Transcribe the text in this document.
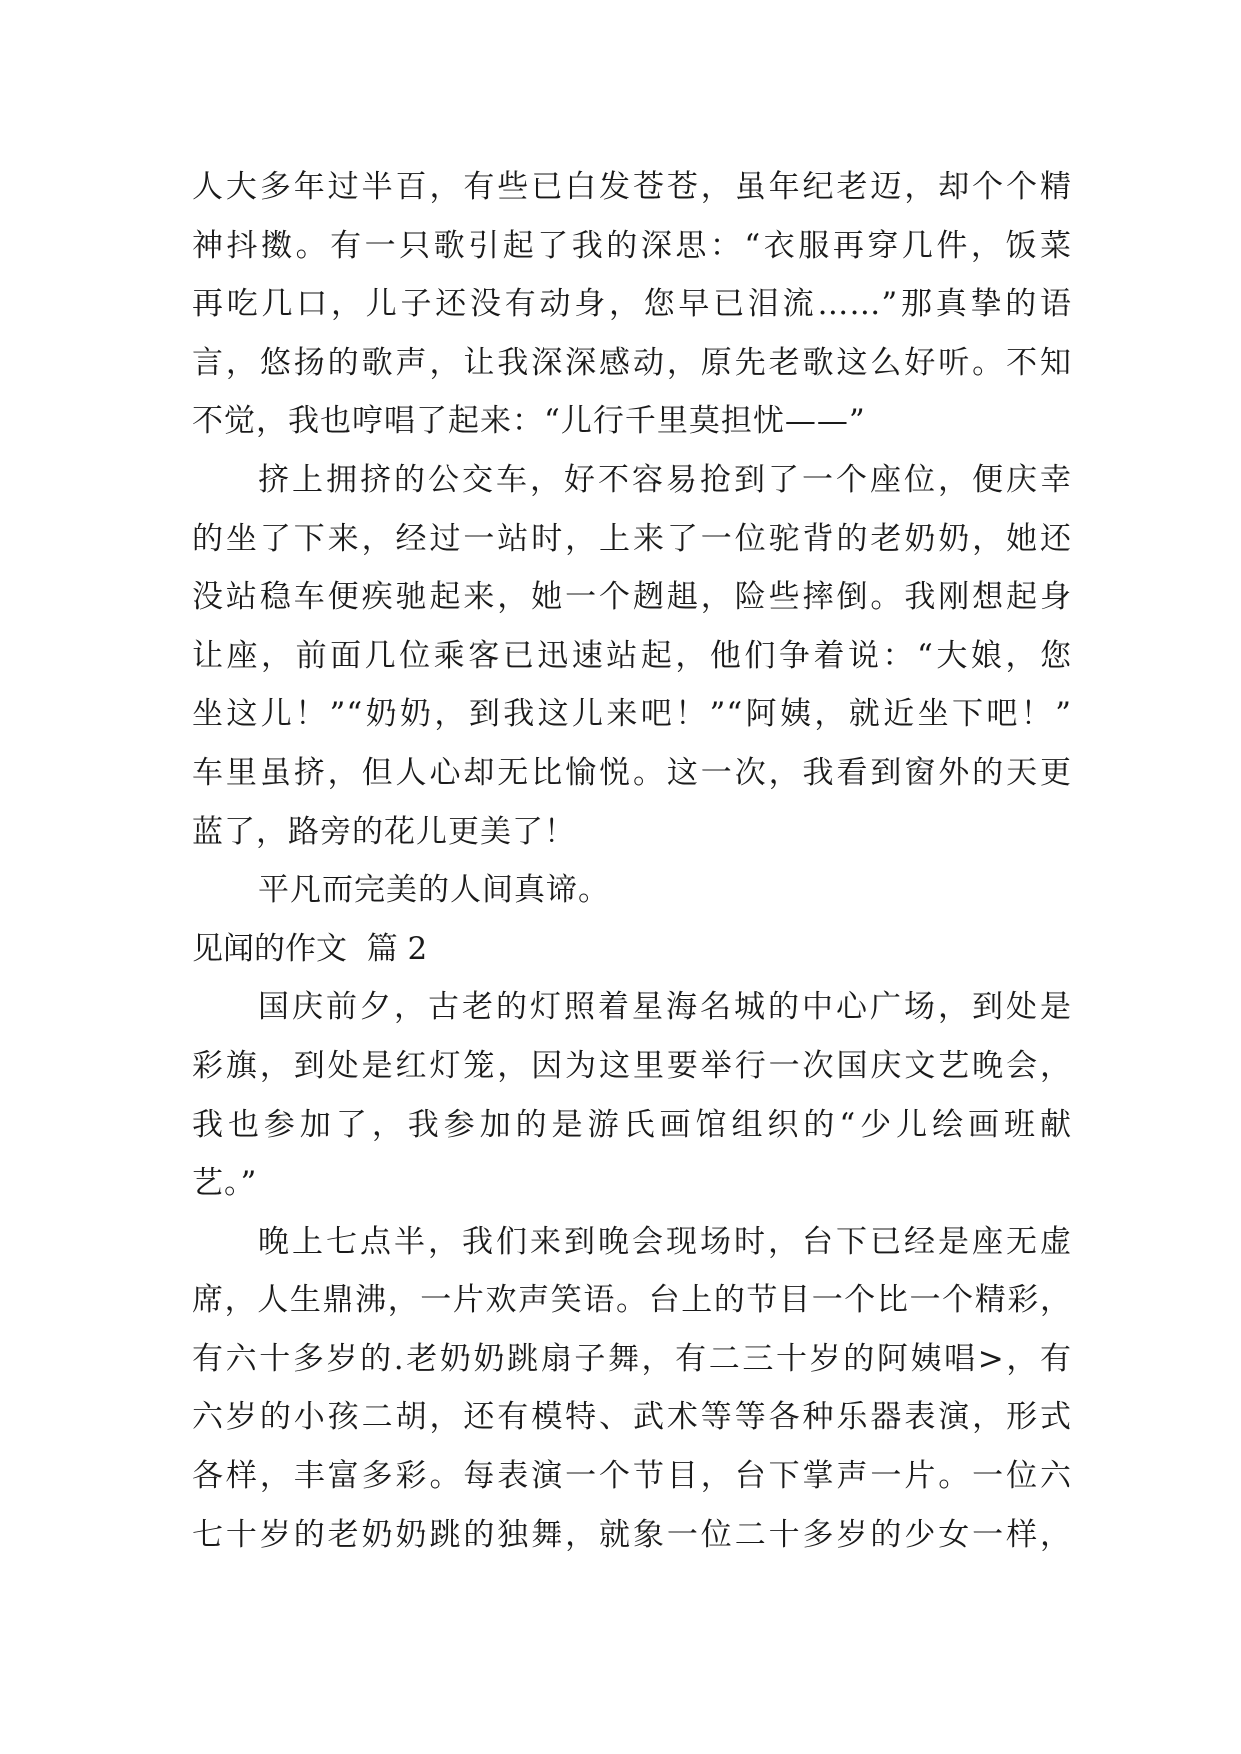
人大多年过半百，有些已白发苍苍，虽年纪老迈，却个个精
神抖擞。有一只歌引起了我的深思：“衣服再穿几件，饭菜
再吃几口，儿子还没有动身，您早已泪流……”那真挚的语
言，悠扬的歌声，让我深深感动，原先老歌这么好听。不知
不觉，我也哼唱了起来：“儿行千里莫担忧——”
挤上拥挤的公交车，好不容易抢到了一个座位，便庆幸
的坐了下来，经过一站时，上来了一位驼背的老奶奶，她还
没站稳车便疾驰起来，她一个趔趄，险些摔倒。我刚想起身
让座，前面几位乘客已迅速站起，他们争着说：“大娘，您
坐这儿！”“奶奶，到我这儿来吧！”“阿姨，就近坐下吧！”
车里虽挤，但人心却无比愉悦。这一次，我看到窗外的天更
蓝了，路旁的花儿更美了！
平凡而完美的人间真谛。
见闻的作文  篇 2
国庆前夕，古老的灯照着星海名城的中心广场，到处是
彩旗，到处是红灯笼，因为这里要举行一次国庆文艺晚会，
我也参加了，我参加的是游氏画馆组织的“少儿绘画班献
艺。”
晚上七点半，我们来到晚会现场时，台下已经是座无虚
席，人生鼎沸，一片欢声笑语。台上的节目一个比一个精彩，
有六十多岁的.老奶奶跳扇子舞，有二三十岁的阿姨唱>，有
六岁的小孩二胡，还有模特、武术等等各种乐器表演，形式
各样，丰富多彩。每表演一个节目，台下掌声一片。一位六
七十岁的老奶奶跳的独舞，就象一位二十多岁的少女一样，
